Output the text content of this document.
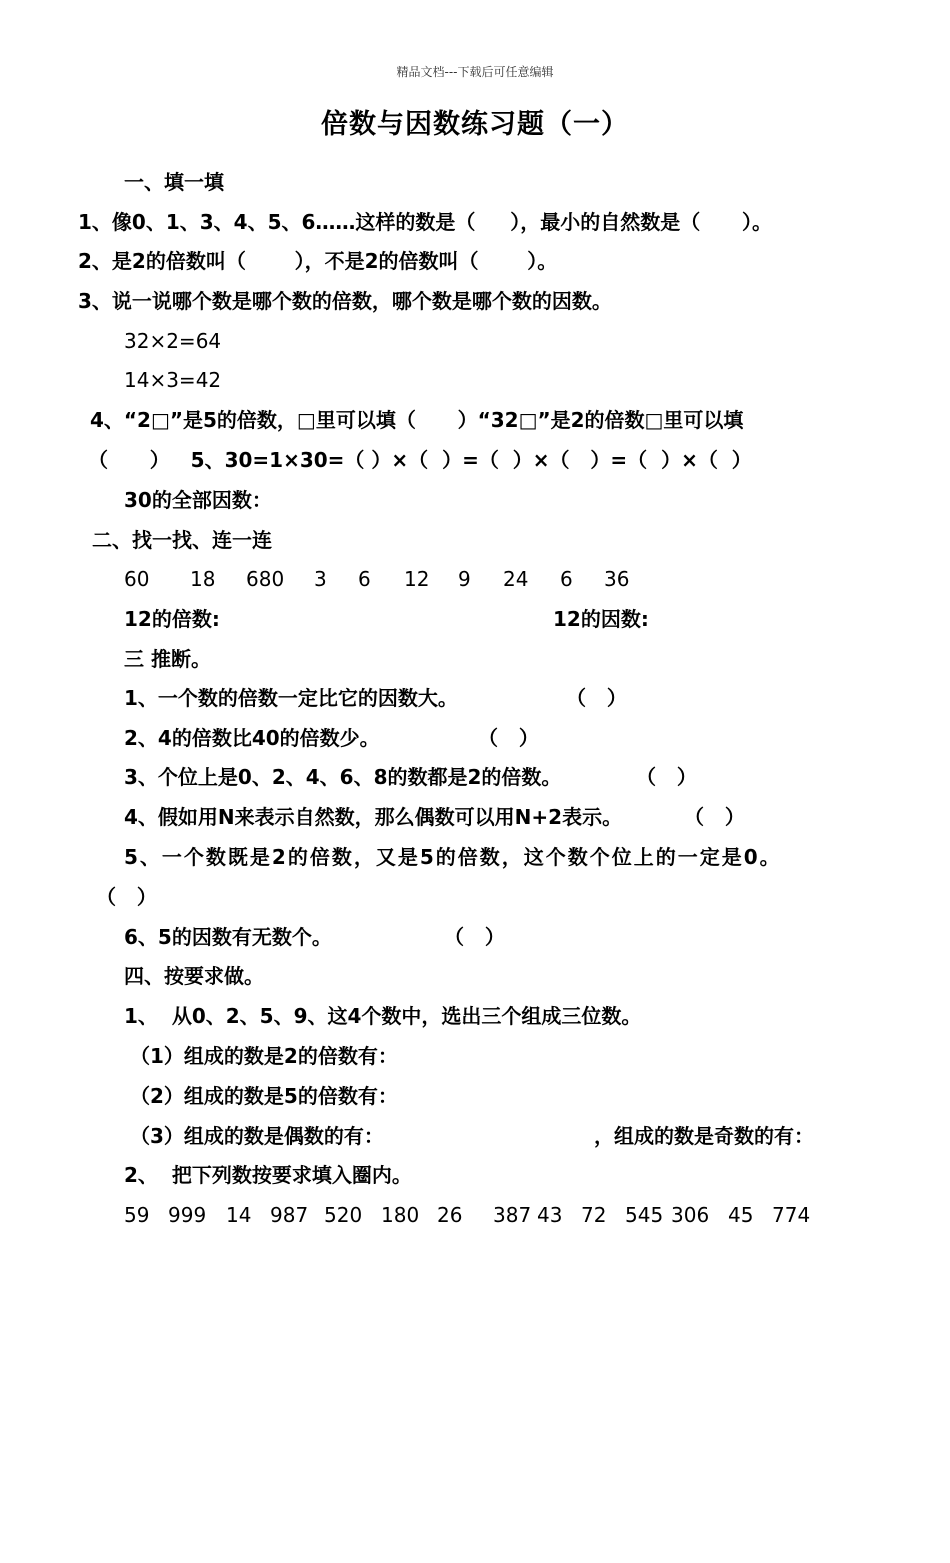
精品文档---下载后可任意编辑
倍数与因数练习题（一）
一、填一填
1、像0、1、3、4、5、6……这样的数是（     ），最小的自然数是（      ）。
2、是2的倍数叫（       ），不是2的倍数叫（       ）。
3、说一说哪个数是哪个数的倍数，哪个数是哪个数的因数。
32×2=64
14×3=42
4、“2□”是5的倍数，□里可以填（      ）“32□”是2的倍数□里可以填
（      ）   5、30=1×30=（ ）×（  ）=（  ）×（   ）=（  ）×（  ）
30的全部因数：
二、找一找、连一连

60

18

680

3

6

12

9

24

6

36

12的倍数:	12的因数:
三 推断。
1、一个数的倍数一定比它的因数大。	（   ）
2、4的倍数比40的倍数少。	（   ）
3、个位上是0、2、4、6、8的数都是2的倍数。	（   ）
4、假如用N来表示自然数，那么偶数可以用N+2表示。	（   ）
5、一个数既是2的倍数，又是5的倍数，这个数个位上的一定是0。
（   ）
6、5的因数有无数个。	（   ）
四、按要求做。
1、  从0、2、5、9、这4个数中，选出三个组成三位数。
（1）组成的数是2的倍数有：
（2）组成的数是5的倍数有：
（3）组成的数是偶数的有：	，组成的数是奇数的有：
2、  把下列数按要求填入圈内。

59

999

14

987

520

180

26

387

43

72

545

306

45

774
